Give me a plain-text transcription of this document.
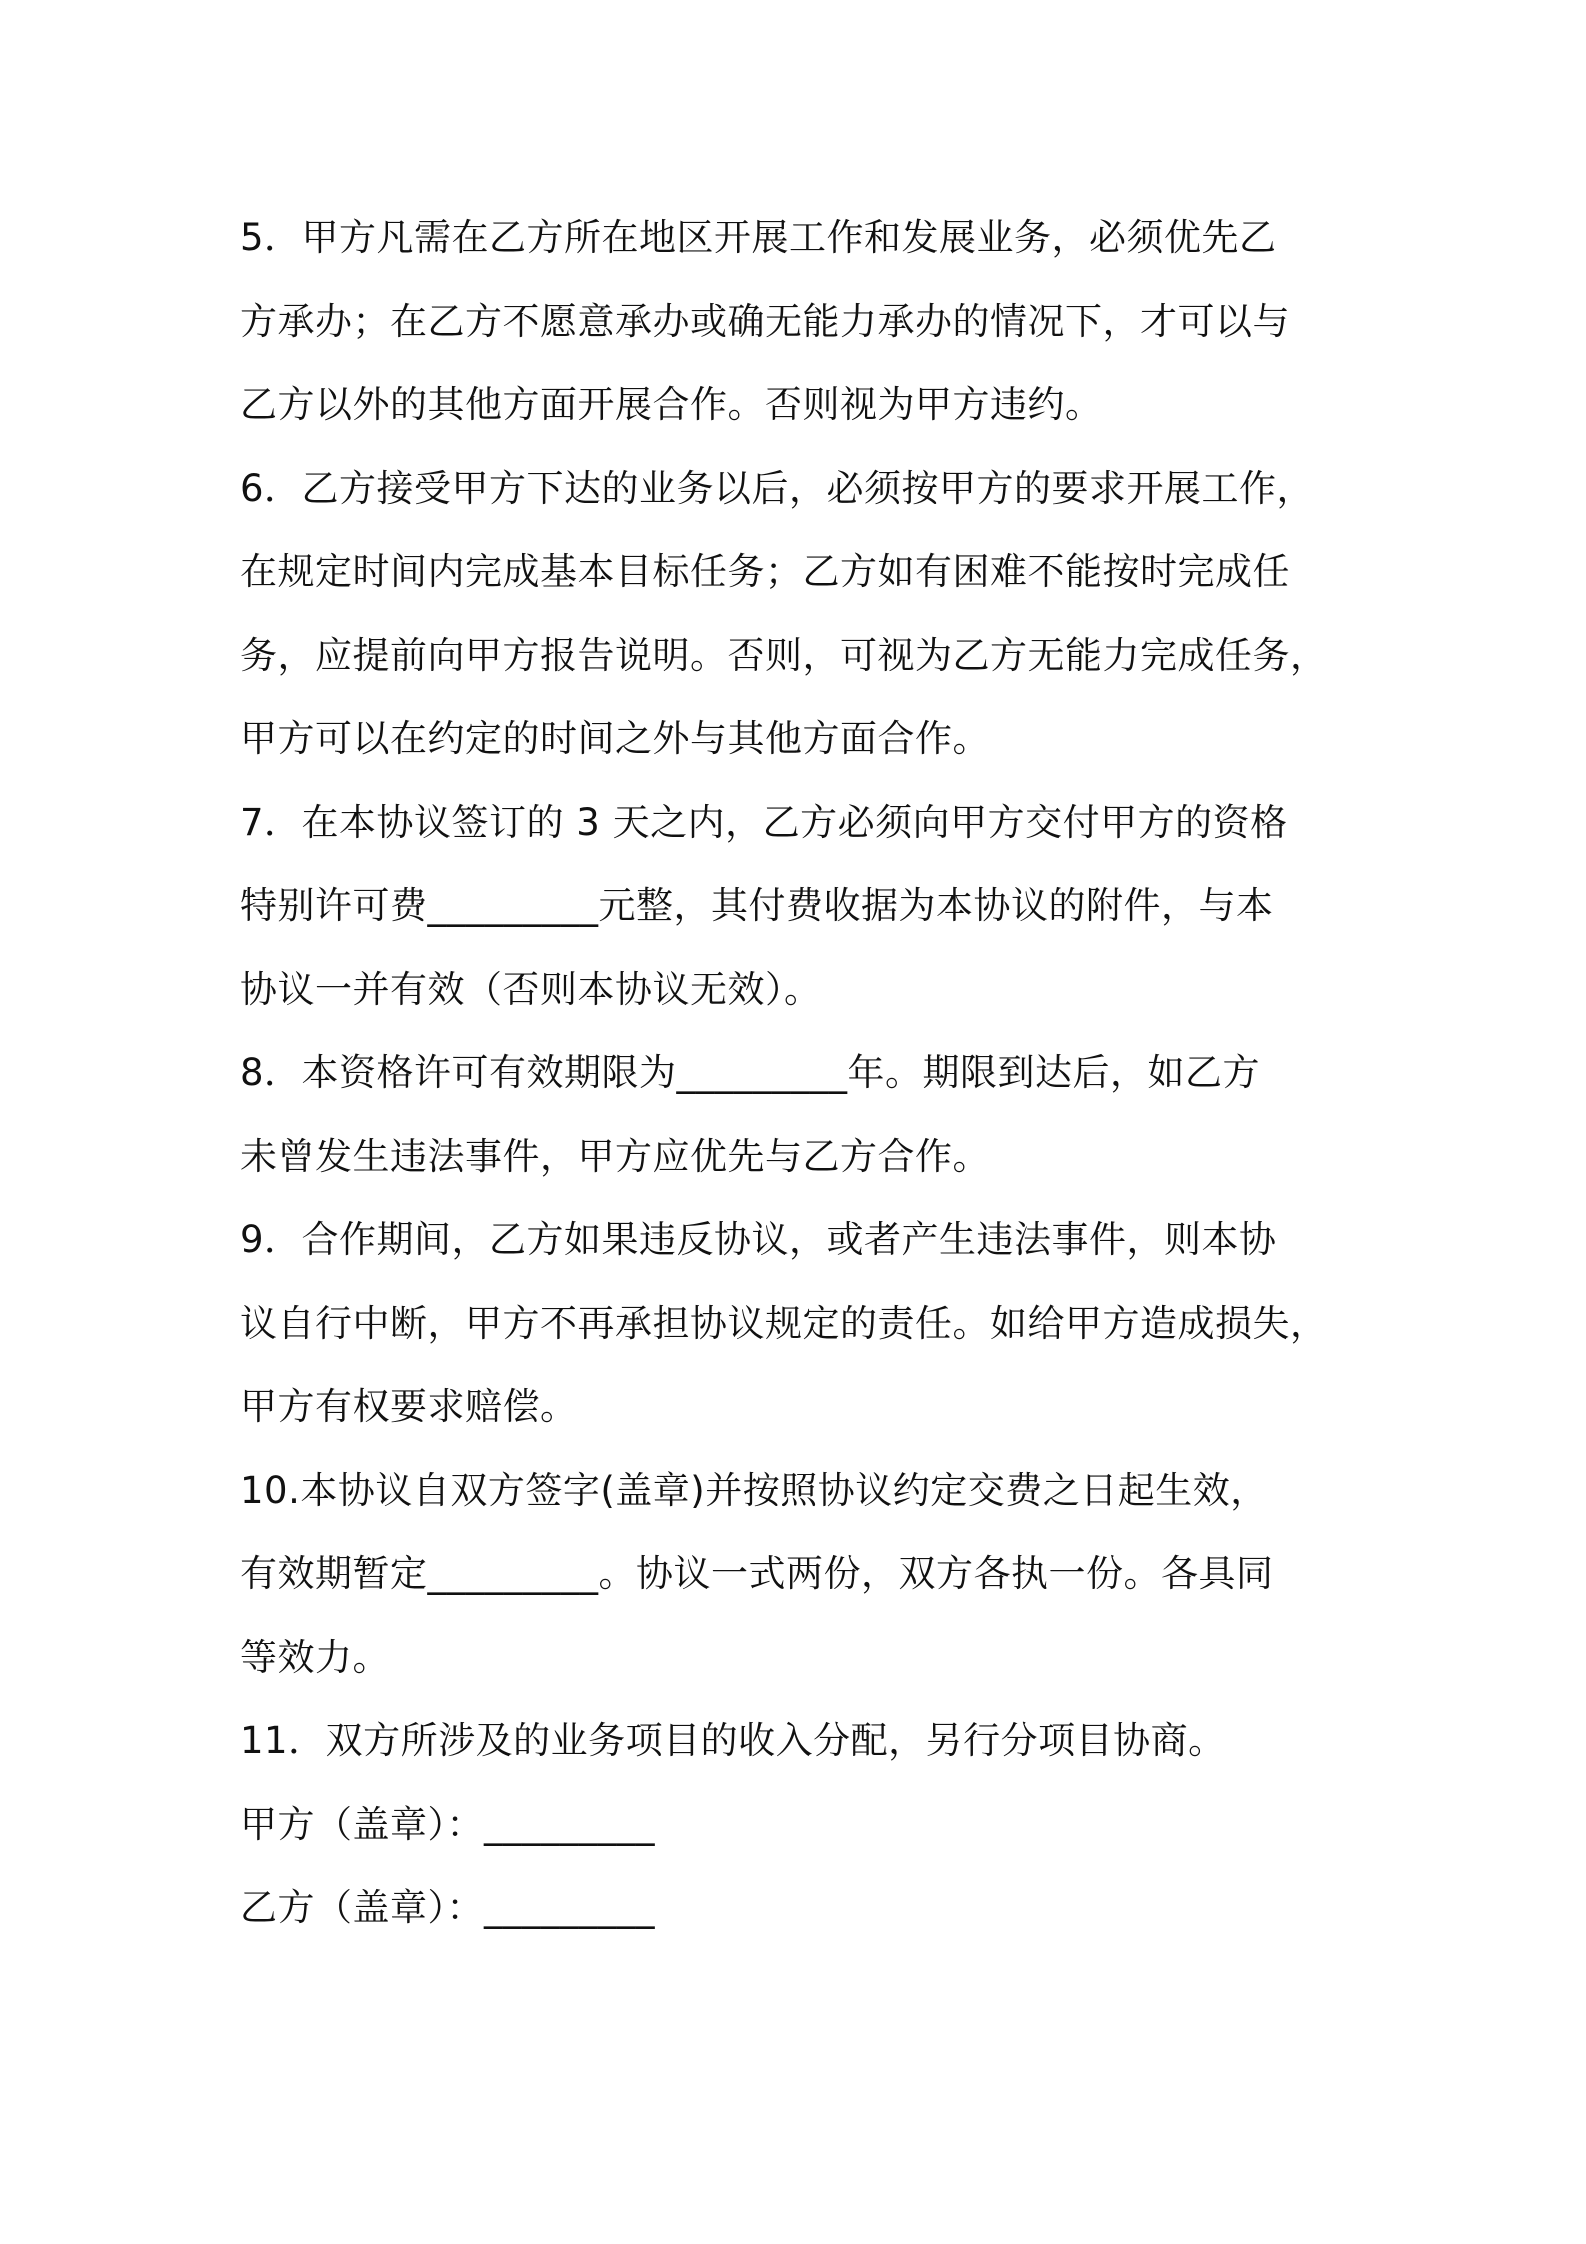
5．甲方凡需在乙方所在地区开展工作和发展业务，必须优先乙
方承办；在乙方不愿意承办或确无能力承办的情况下，才可以与
乙方以外的其他方面开展合作。否则视为甲方违约。
6．乙方接受甲方下达的业务以后，必须按甲方的要求开展工作，
在规定时间内完成基本目标任务；乙方如有困难不能按时完成任
务，应提前向甲方报告说明。否则，可视为乙方无能力完成任务，
甲方可以在约定的时间之外与其他方面合作。
7．在本协议签订的 3 天之内，乙方必须向甲方交付甲方的资格
特别许可费_________元整，其付费收据为本协议的附件，与本
协议一并有效（否则本协议无效）。
8．本资格许可有效期限为_________年。期限到达后，如乙方
未曾发生违法事件，甲方应优先与乙方合作。
9．合作期间，乙方如果违反协议，或者产生违法事件，则本协
议自行中断，甲方不再承担协议规定的责任。如给甲方造成损失，
甲方有权要求赔偿。
10.本协议自双方签字(盖章)并按照协议约定交费之日起生效，
有效期暂定_________。协议一式两份，双方各执一份。各具同
等效力。
11．双方所涉及的业务项目的收入分配，另行分项目协商。
甲方（盖章）：_________
乙方（盖章）：_________
